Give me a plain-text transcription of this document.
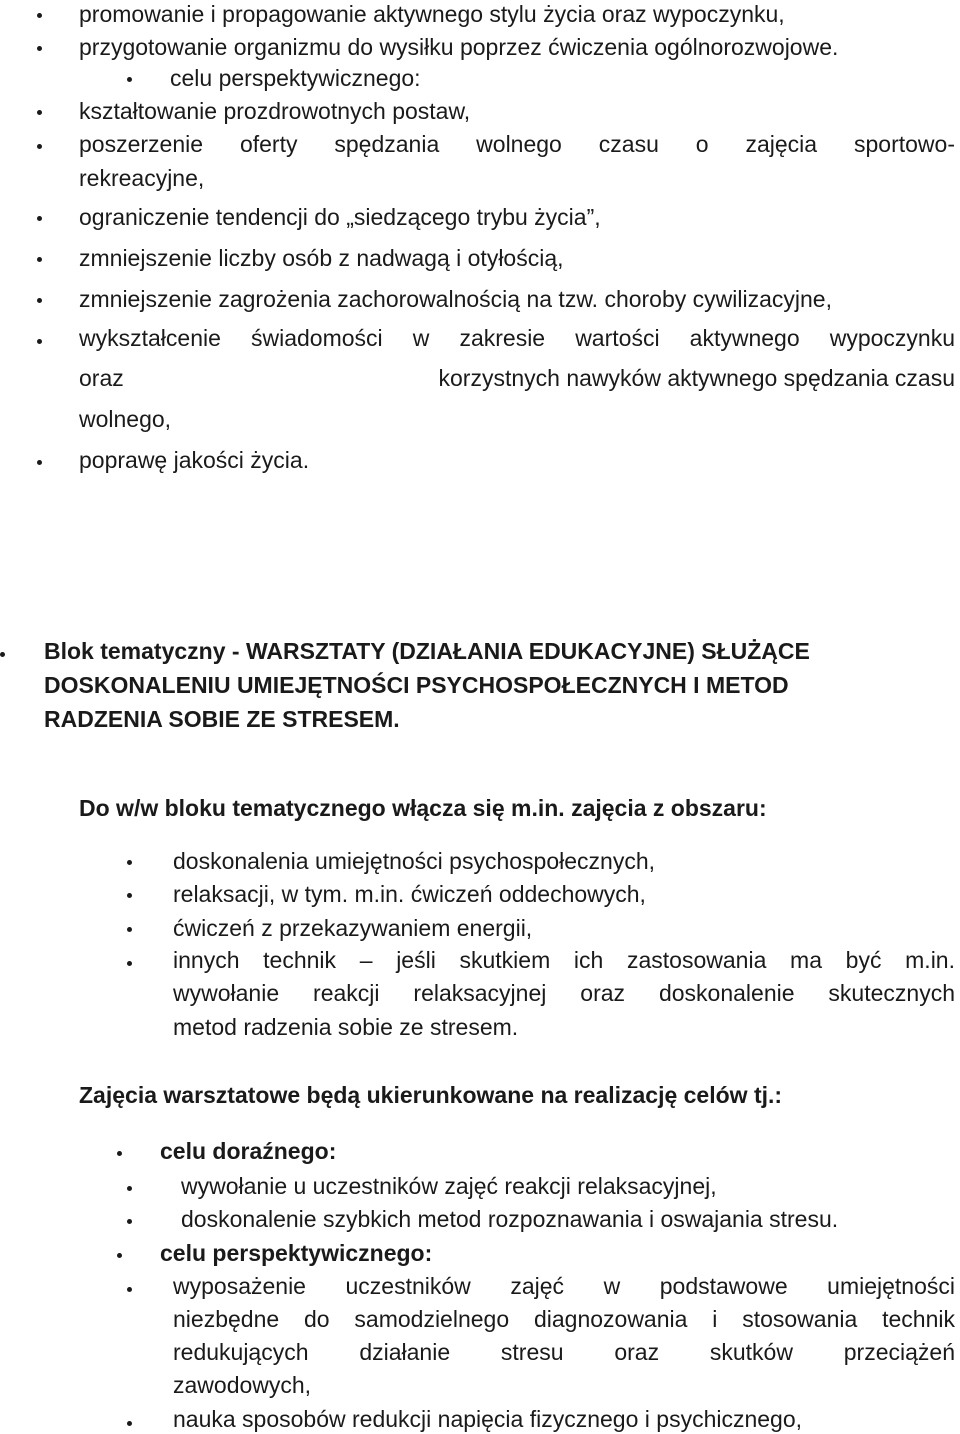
promowanie i propagowanie aktywnego stylu życia oraz wypoczynku,
przygotowanie organizmu do wysiłku poprzez ćwiczenia ogólnorozwojowe.
celu perspektywicznego:
kształtowanie prozdrowotnych postaw,
poszerzenie oferty spędzania wolnego czasu o zajęcia sportowo-
rekreacyjne,
ograniczenie tendencji do „siedzącego trybu życia”,
zmniejszenie liczby osób z nadwagą i otyłością,
zmniejszenie zagrożenia zachorowalnością na tzw. choroby cywilizacyjne,
wykształcenie świadomości w zakresie wartości aktywnego wypoczynku
oraz	korzystnych nawyków aktywnego spędzania czasu
wolnego,
poprawę jakości życia.
Blok tematyczny - WARSZTATY (DZIAŁANIA EDUKACYJNE) SŁUŻĄCE
DOSKONALENIU UMIEJĘTNOŚCI PSYCHOSPOŁECZNYCH I METOD
RADZENIA SOBIE ZE STRESEM.
Do w/w bloku tematycznego włącza się m.in. zajęcia z obszaru:
doskonalenia umiejętności psychospołecznych,
relaksacji, w tym. m.in. ćwiczeń oddechowych,
ćwiczeń z przekazywaniem energii,
innych technik – jeśli skutkiem ich zastosowania ma być m.in.
wywołanie reakcji relaksacyjnej oraz doskonalenie skutecznych
metod radzenia sobie ze stresem.
Zajęcia warsztatowe będą ukierunkowane na realizację celów tj.:
celu doraźnego:
wywołanie u uczestników zajęć reakcji relaksacyjnej,
doskonalenie szybkich metod rozpoznawania i oswajania stresu.
celu perspektywicznego:
wyposażenie uczestników zajęć w podstawowe umiejętności
niezbędne do samodzielnego diagnozowania i stosowania technik
redukujących działanie stresu oraz skutków przeciążeń
zawodowych,
nauka sposobów redukcji napięcia fizycznego i psychicznego,
